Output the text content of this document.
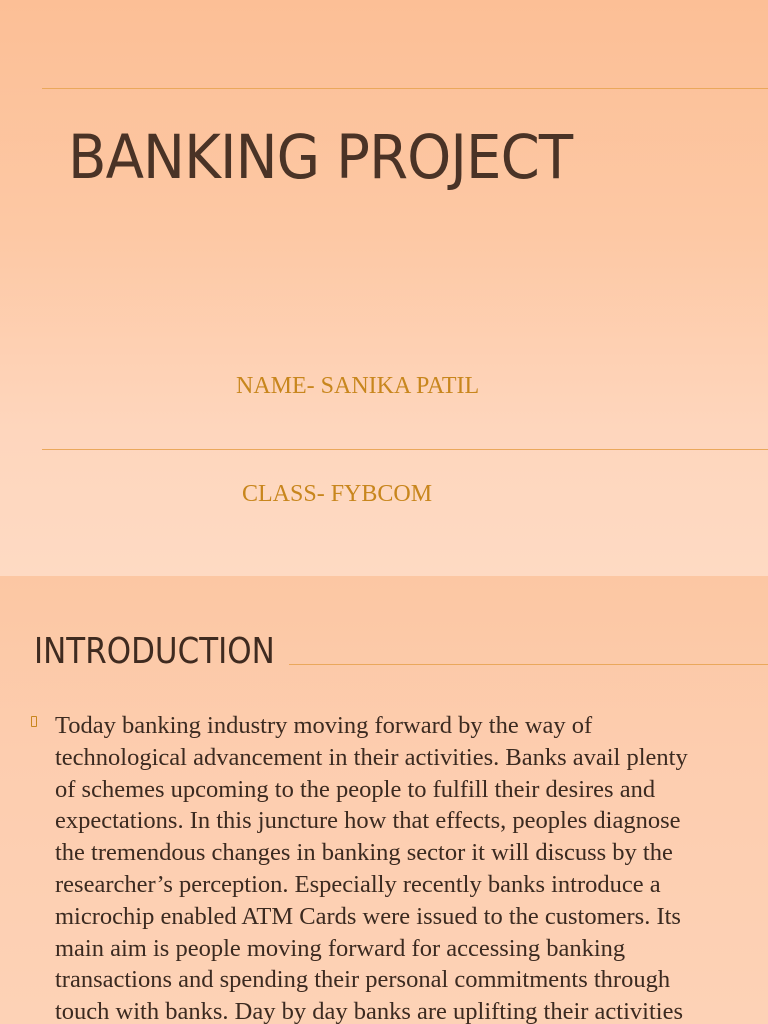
BANKING PROJECT

NAME- SANIKA PATIL

CLASS- FYBCOM

INTRODUCTION

Today banking industry moving forward by the way of
technological advancement in their activities. Banks avail plenty
of schemes upcoming to the people to fulfill their desires and
expectations. In this juncture how that effects, peoples diagnose
the tremendous changes in banking sector it will discuss by the
researcher’s perception. Especially recently banks introduce a
microchip enabled ATM Cards were issued to the customers. Its
main aim is people moving forward for accessing banking
transactions and spending their personal commitments through
touch with banks. Day by day banks are uplifting their activities
